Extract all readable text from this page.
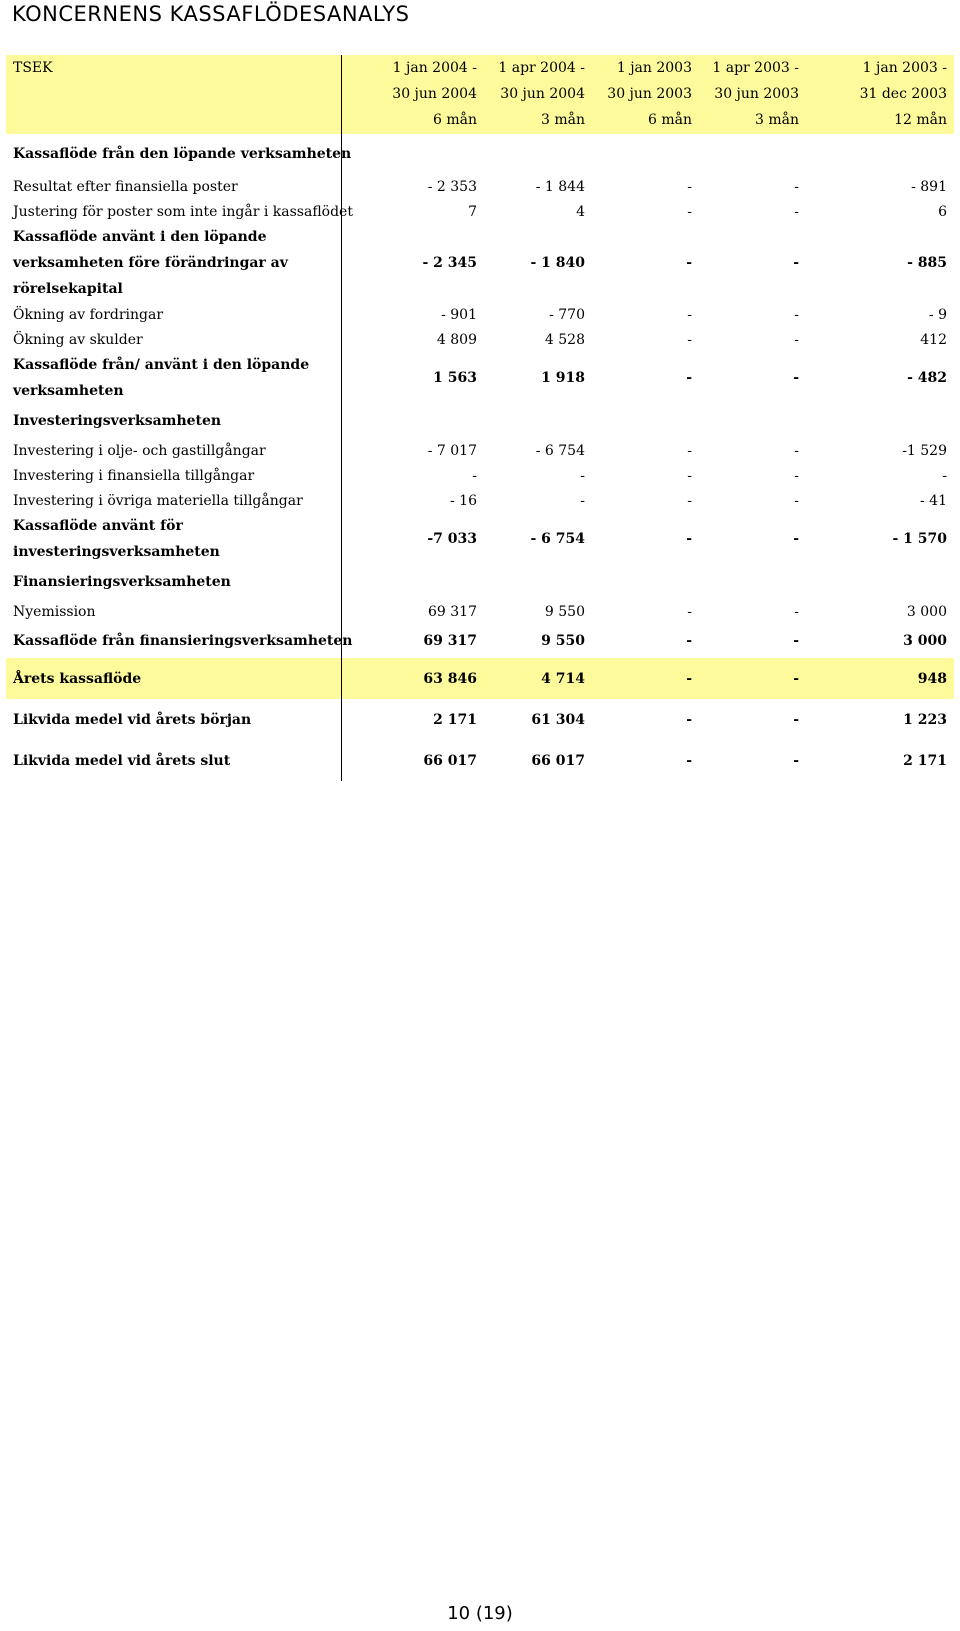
KONCERNENS KASSAFLÖDESANALYS
TSEK	1 jan 2004 -	1 apr 2004 -	1 jan 2003	1 apr 2003 -	1 jan 2003 -
	30 jun 2004	30 jun 2004	30 jun 2003	30 jun 2003	31 dec 2003
	6 mån	3 mån	6 mån	3 mån	12 mån
Kassaflöde från den löpande verksamheten					
Resultat efter finansiella poster	- 2 353	- 1 844	-	-	- 891
Justering för poster som inte ingår i kassaflödet	7	4	-	-	6
Kassaflöde använt i den löpande verksamheten före förändringar av rörelsekapital	- 2 345	- 1 840	-	-	- 885
Ökning av fordringar	- 901	- 770	-	-	- 9
Ökning av skulder	4 809	4 528	-	-	412
Kassaflöde från/ använt i den löpande verksamheten	1 563	1 918	-	-	- 482
Investeringsverksamheten					
Investering i olje- och gastillgångar	- 7 017	- 6 754	-	-	-1 529
Investering i finansiella tillgångar	-	-	-	-	-
Investering i övriga materiella tillgångar	- 16	-	-	-	- 41
Kassaflöde använt för investeringsverksamheten	-7 033	- 6 754	-	-	- 1 570
Finansieringsverksamheten					
Nyemission	69 317	9 550	-	-	3 000
Kassaflöde från finansieringsverksamheten	69 317	9 550	-	-	3 000
Årets kassaflöde	63 846	4 714	-	-	948
Likvida medel vid årets början	2 171	61 304	-	-	1 223
Likvida medel vid årets slut	66 017	66 017	-	-	2 171
10 (19)
